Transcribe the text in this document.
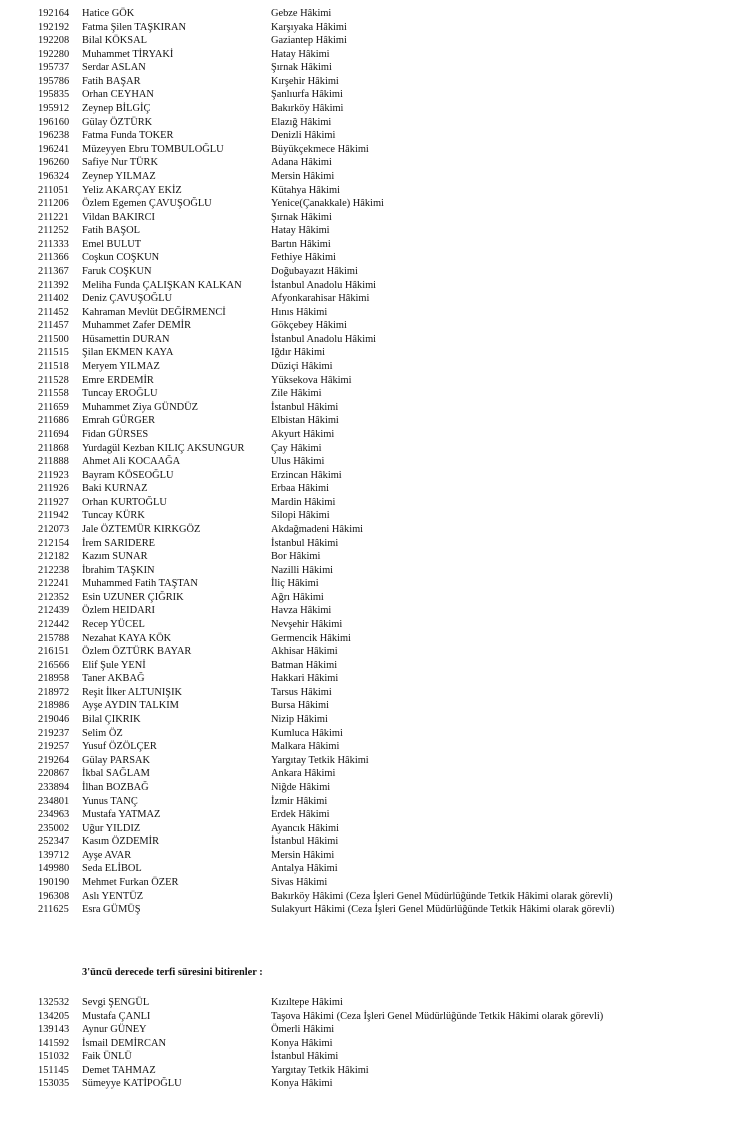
192164	Hatice GÖK	Gebze Hâkimi
192192	Fatma Şilen TAŞKIRAN	Karşıyaka Hâkimi
192208	Bilal KÖKSAL	Gaziantep Hâkimi
192280	Muhammet TİRYAKİ	Hatay Hâkimi
195737	Serdar ASLAN	Şırnak Hâkimi
195786	Fatih BAŞAR	Kırşehir Hâkimi
195835	Orhan CEYHAN	Şanlıurfa Hâkimi
195912	Zeynep BİLGİÇ	Bakırköy Hâkimi
196160	Gülay ÖZTÜRK	Elazığ Hâkimi
196238	Fatma Funda TOKER	Denizli Hâkimi
196241	Müzeyyen Ebru TOMBULOĞLU	Büyükçekmece Hâkimi
196260	Safiye Nur TÜRK	Adana Hâkimi
196324	Zeynep YILMAZ	Mersin Hâkimi
211051	Yeliz AKARÇAY EKİZ	Kütahya Hâkimi
211206	Özlem Egemen ÇAVUŞOĞLU	Yenice(Çanakkale) Hâkimi
211221	Vildan BAKIRCI	Şırnak Hâkimi
211252	Fatih BAŞOL	Hatay Hâkimi
211333	Emel BULUT	Bartın Hâkimi
211366	Coşkun COŞKUN	Fethiye Hâkimi
211367	Faruk COŞKUN	Doğubayazıt Hâkimi
211392	Meliha Funda ÇALIŞKAN KALKAN	İstanbul Anadolu Hâkimi
211402	Deniz ÇAVUŞOĞLU	Afyonkarahisar Hâkimi
211452	Kahraman Mevlüt DEĞİRMENCİ	Hınıs Hâkimi
211457	Muhammet Zafer DEMİR	Gökçebey Hâkimi
211500	Hüsamettin DURAN	İstanbul Anadolu Hâkimi
211515	Şilan EKMEN KAYA	Iğdır Hâkimi
211518	Meryem YILMAZ	Düziçi Hâkimi
211528	Emre ERDEMİR	Yüksekova Hâkimi
211558	Tuncay EROĞLU	Zile Hâkimi
211659	Muhammet Ziya GÜNDÜZ	İstanbul Hâkimi
211686	Emrah GÜRGER	Elbistan Hâkimi
211694	Fidan GÜRSES	Akyurt Hâkimi
211868	Yurdagül Kezban KILIÇ AKSUNGUR	Çay Hâkimi
211888	Ahmet Ali KOCAAĞA	Ulus Hâkimi
211923	Bayram KÖSEOĞLU	Erzincan Hâkimi
211926	Baki KURNAZ	Erbaa Hâkimi
211927	Orhan KURTOĞLU	Mardin Hâkimi
211942	Tuncay KÜRK	Silopi Hâkimi
212073	Jale ÖZTEMÜR KIRKGÖZ	Akdağmadeni Hâkimi
212154	İrem SARIDERE	İstanbul Hâkimi
212182	Kazım SUNAR	Bor Hâkimi
212238	İbrahim TAŞKIN	Nazilli Hâkimi
212241	Muhammed Fatih TAŞTAN	İliç Hâkimi
212352	Esin UZUNER ÇIĞRIK	Ağrı Hâkimi
212439	Özlem HEIDARI	Havza Hâkimi
212442	Recep YÜCEL	Nevşehir Hâkimi
215788	Nezahat KAYA KÖK	Germencik Hâkimi
216151	Özlem ÖZTÜRK BAYAR	Akhisar Hâkimi
216566	Elif Şule YENİ	Batman Hâkimi
218958	Taner AKBAĞ	Hakkari Hâkimi
218972	Reşit İlker ALTUNIŞIK	Tarsus Hâkimi
218986	Ayşe AYDIN TALKIM	Bursa Hâkimi
219046	Bilal ÇIKRIK	Nizip Hâkimi
219237	Selim ÖZ	Kumluca Hâkimi
219257	Yusuf ÖZÖLÇER	Malkara Hâkimi
219264	Gülay PARSAK	Yargıtay Tetkik Hâkimi
220867	İkbal SAĞLAM	Ankara Hâkimi
233894	İlhan BOZBAĞ	Niğde Hâkimi
234801	Yunus TANÇ	İzmir Hâkimi
234963	Mustafa YATMAZ	Erdek Hâkimi
235002	Uğur YILDIZ	Ayancık Hâkimi
252347	Kasım ÖZDEMİR	İstanbul Hâkimi
139712	Ayşe AVAR	Mersin Hâkimi
149980	Seda ELİBOL	Antalya Hâkimi
190190	Mehmet Furkan ÖZER	Sivas Hâkimi
196308	Aslı YENTÜZ	Bakırköy Hâkimi (Ceza İşleri Genel Müdürlüğünde Tetkik Hâkimi olarak görevli)
211625	Esra GÜMÜŞ	Sulakyurt Hâkimi (Ceza İşleri Genel Müdürlüğünde Tetkik Hâkimi olarak görevli)
3'üncü derecede terfi süresini bitirenler :
132532	Sevgi ŞENGÜL	Kızıltepe Hâkimi
134205	Mustafa ÇANLI	Taşova Hâkimi (Ceza İşleri Genel Müdürlüğünde Tetkik Hâkimi olarak görevli)
139143	Aynur GÜNEY	Ömerli Hâkimi
141592	İsmail DEMİRCAN	Konya Hâkimi
151032	Faik ÜNLÜ	İstanbul Hâkimi
151145	Demet TAHMAZ	Yargıtay Tetkik Hâkimi
153035	Sümeyye KATİPOĞLU	Konya Hâkimi
